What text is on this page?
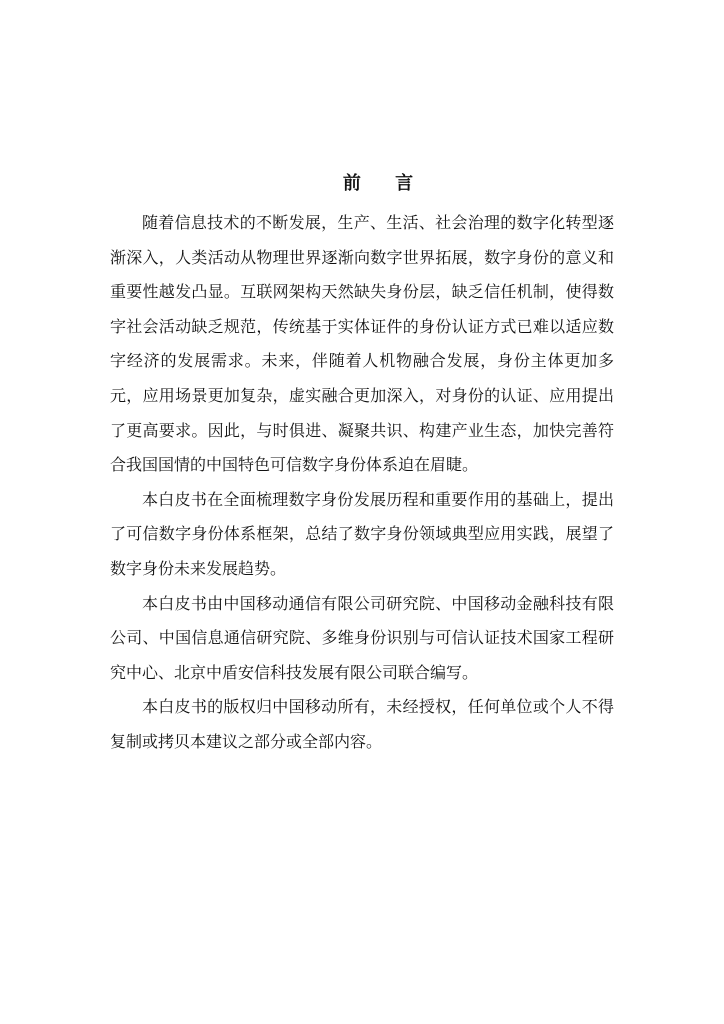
前 言

随着信息技术的不断发展，生产、生活、社会治理的数字化转型逐渐深入，人类活动从物理世界逐渐向数字世界拓展，数字身份的意义和重要性越发凸显。互联网架构天然缺失身份层，缺乏信任机制，使得数字社会活动缺乏规范，传统基于实体证件的身份认证方式已难以适应数字经济的发展需求。未来，伴随着人机物融合发展，身份主体更加多元，应用场景更加复杂，虚实融合更加深入，对身份的认证、应用提出了更高要求。因此，与时俱进、凝聚共识、构建产业生态，加快完善符合我国国情的中国特色可信数字身份体系迫在眉睫。

本白皮书在全面梳理数字身份发展历程和重要作用的基础上，提出了可信数字身份体系框架，总结了数字身份领域典型应用实践，展望了数字身份未来发展趋势。

本白皮书由中国移动通信有限公司研究院、中国移动金融科技有限公司、中国信息通信研究院、多维身份识别与可信认证技术国家工程研究中心、北京中盾安信科技发展有限公司联合编写。

本白皮书的版权归中国移动所有，未经授权，任何单位或个人不得复制或拷贝本建议之部分或全部内容。
